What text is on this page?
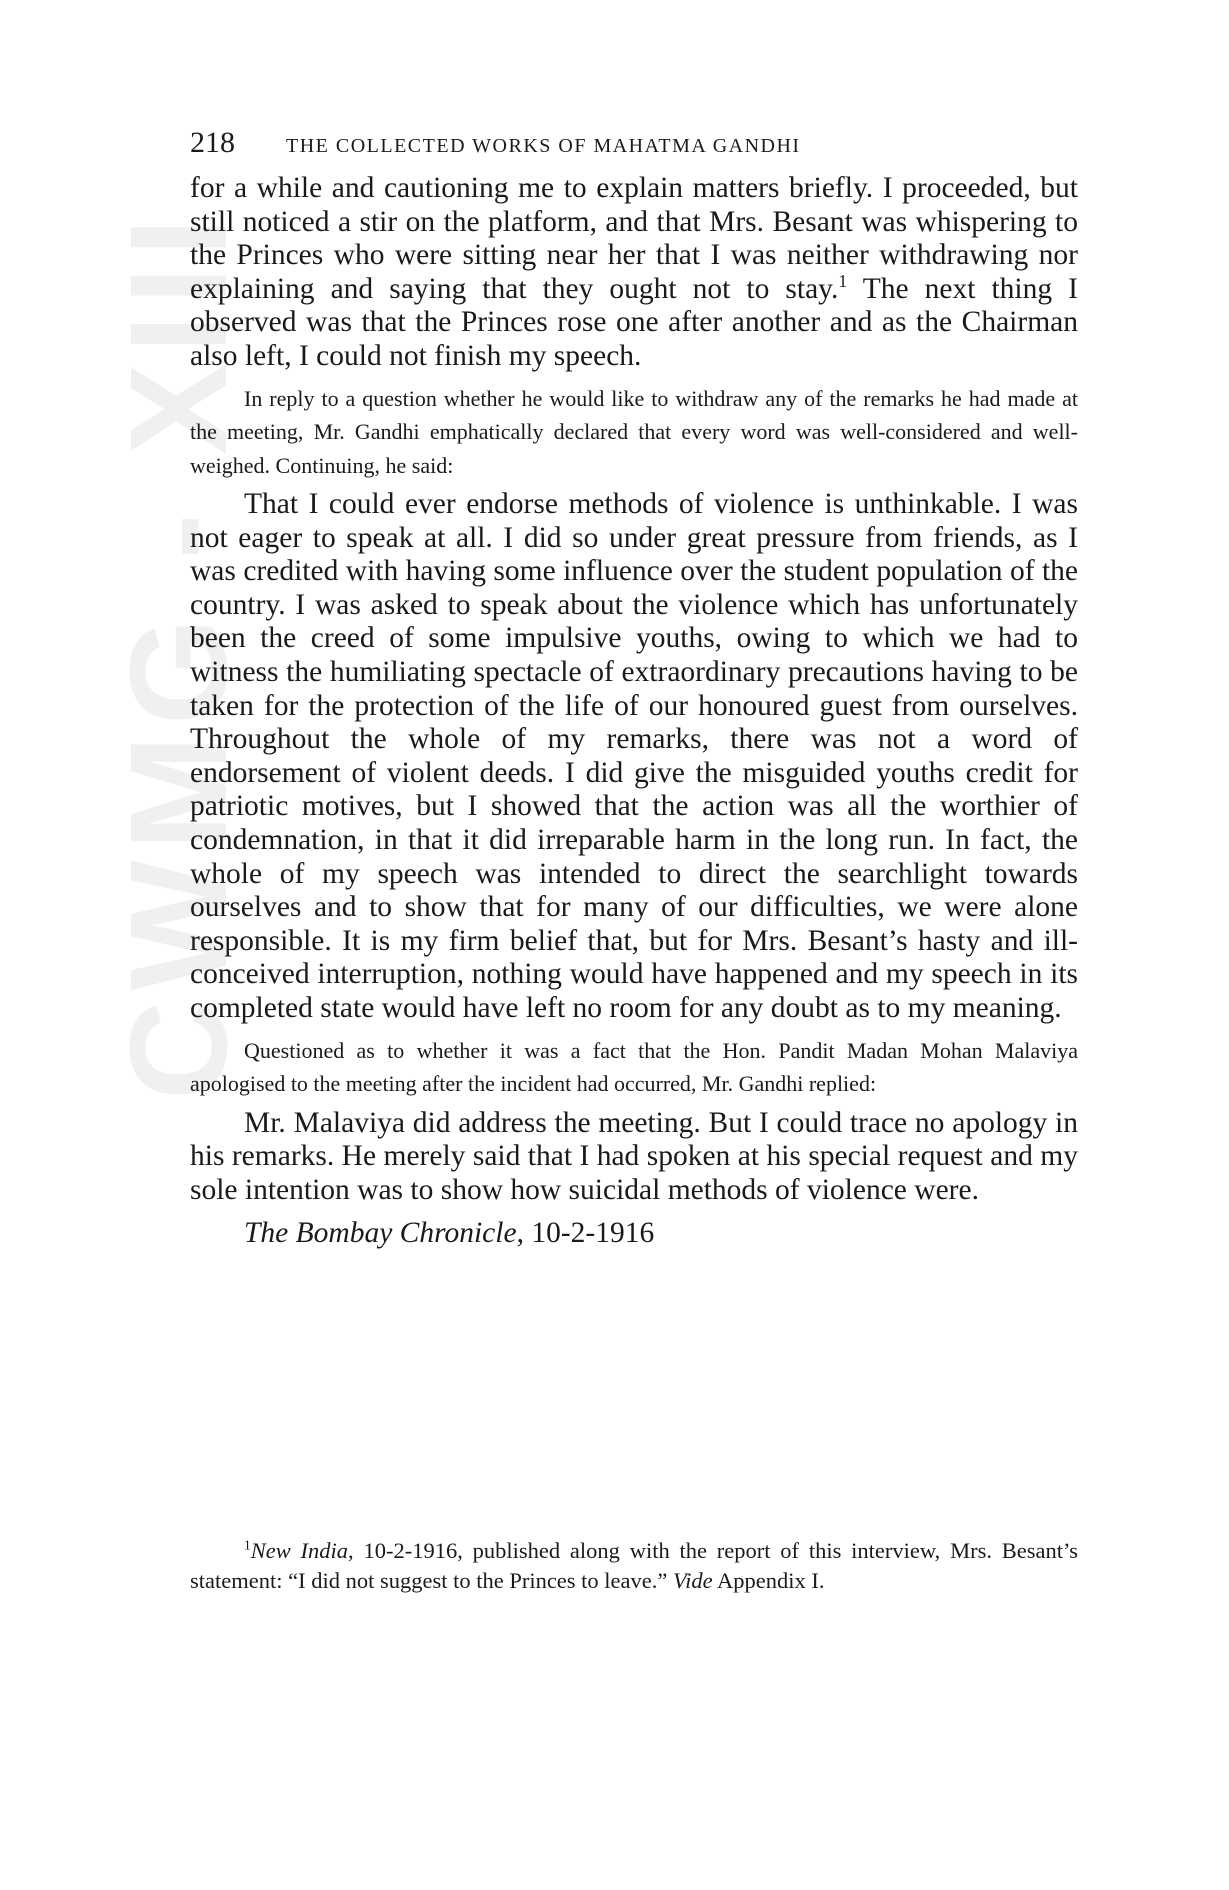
CWMG - XIII
218	THE COLLECTED WORKS OF MAHATMA GANDHI

for a while and cautioning me to explain matters briefly. I proceeded, but still noticed a stir on the platform, and that Mrs. Besant was whispering to the Princes who were sitting near her that I was neither withdrawing nor explaining and saying that they ought not to stay.$^1$ The next thing I observed was that the Princes rose one after another and as the Chairman also left, I could not finish my speech.

In reply to a question whether he would like to withdraw any of the remarks he had made at the meeting, Mr. Gandhi emphatically declared that every word was well-considered and well-weighed. Continuing, he said:

That I could ever endorse methods of violence is unthinkable. I was not eager to speak at all. I did so under great pressure from friends, as I was credited with having some influence over the student population of the country. I was asked to speak about the violence which has unfortunately been the creed of some impulsive youths, owing to which we had to witness the humiliating spectacle of extraordinary precautions having to be taken for the protection of the life of our honoured guest from ourselves. Throughout the whole of my remarks, there was not a word of endorsement of violent deeds. I did give the misguided youths credit for patriotic motives, but I showed that the action was all the worthier of condemnation, in that it did irreparable harm in the long run. In fact, the whole of my speech was intended to direct the searchlight towards ourselves and to show that for many of our difficulties, we were alone responsible. It is my firm belief that, but for Mrs. Besant’s hasty and ill-conceived interruption, nothing would have happened and my speech in its completed state would have left no room for any doubt as to my meaning.

Questioned as to whether it was a fact that the Hon. Pandit Madan Mohan Malaviya apologised to the meeting after the incident had occurred, Mr. Gandhi replied:

Mr. Malaviya did address the meeting. But I could trace no apology in his remarks. He merely said that I had spoken at his special request and my sole intention was to show how suicidal methods of violence were.

The Bombay Chronicle, 10-2-1916

$^1$New India, 10-2-1916, published along with the report of this interview, Mrs. Besant’s statement: “I did not suggest to the Princes to leave.” Vide Appendix I.
